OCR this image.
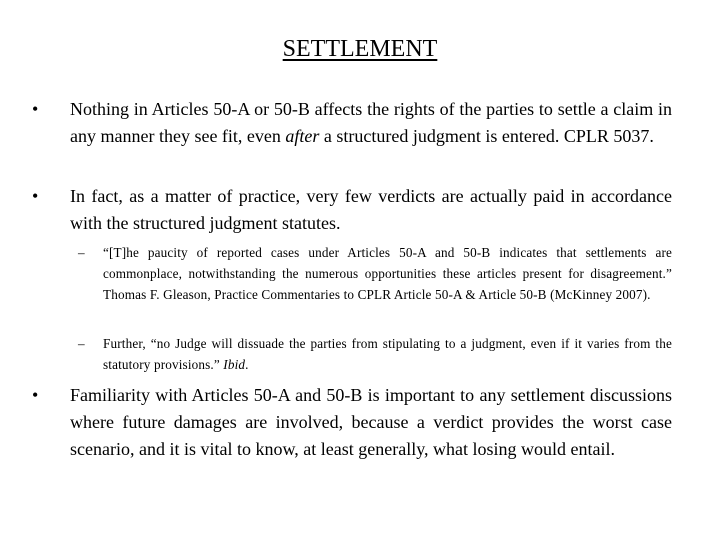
SETTLEMENT
•	Nothing in Articles 50-A or 50-B affects the rights of the parties to settle a claim in any manner they see fit, even after a structured judgment is entered. CPLR 5037.
•	In fact, as a matter of practice, very few verdicts are actually paid in accordance with the structured judgment statutes.
–	“[T]he paucity of reported cases under Articles 50-A and 50-B indicates that settlements are commonplace, notwithstanding the numerous opportunities these articles present for disagreement.” Thomas F. Gleason, Practice Commentaries to CPLR Article 50-A & Article 50-B (McKinney 2007).
–	Further, “no Judge will dissuade the parties from stipulating to a judgment, even if it varies from the statutory provisions.” Ibid.
•	Familiarity with Articles 50-A and 50-B is important to any settlement discussions where future damages are involved, because a verdict provides the worst case scenario, and it is vital to know, at least generally, what losing would entail.
